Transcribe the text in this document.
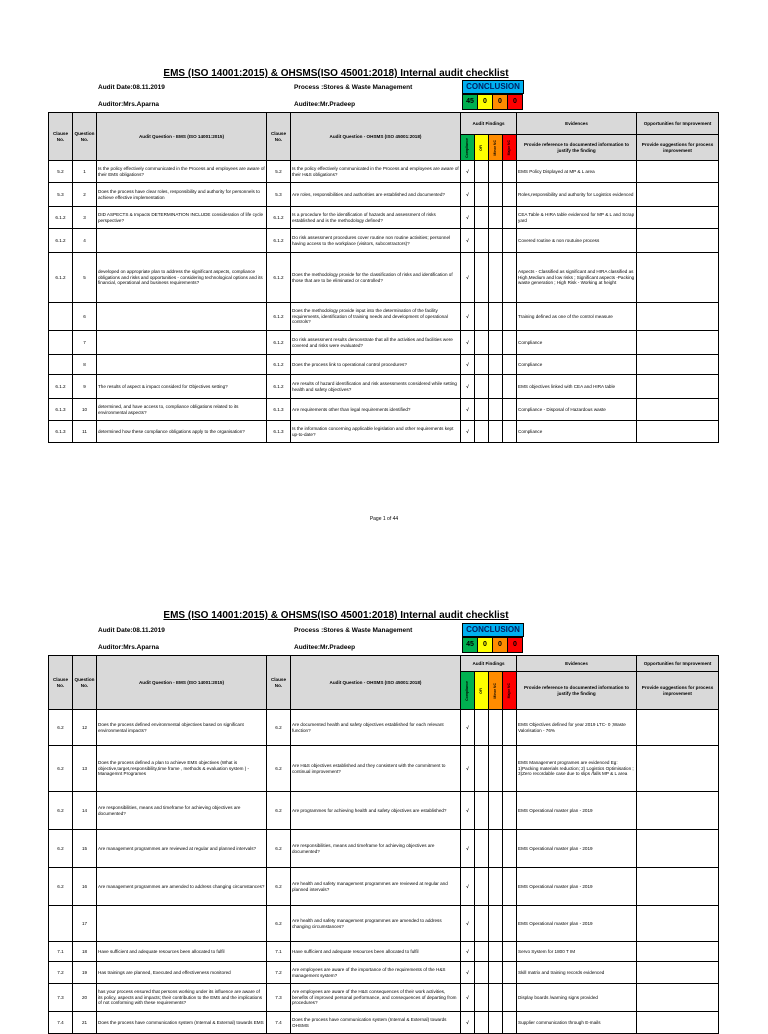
EMS (ISO 14001:2015) & OHSMS(ISO 45001:2018) Internal audit checklist
Audit Date:08.11.2019	Process :Stores & Waste Management
Auditor:Mrs.Aparna	Auditee:Mr.Pradeep
CONCLUSION
45	0	0	0
Clause No.	Question No.	Audit Question - EMS (ISO 14001:2015)	Clause No.	Audit Question - OHSMS (ISO 45001:2018)	Audit Findings				Evidences	Opportunities for Improvement

					Compliance	OFI	Minor NC	Major NC	Provide reference to documented information to justify the finding	Provide suggestions for process improvement
5.2	1	Is the policy effectively communicated in the Process and employees are aware of their EMS obligations?	5.2	Is the policy effectively communicated in the Process and employees are aware of their H&S obligations?	√				EMS Policy Displayed at MP & L area	
5.3	2	Does the process have clear roles, responsibility and authority for personnels to achieve effective implementation	5.3	Are roles, responsibilities and authorities are established and documented?	√				Roles,responsibility and authority for Logistics evidenced	
6.1.2	3	DID ASPECTS & Impacts DETERMINATION INCLUDE consideration of life cycle perspective?	6.1.2	Is a procedure for the identification of hazards and assessment of risks established and is the methodology defined?	√				CEA Table & HIRA table evidenced for MP & L and Scrap yard	
6.1.2	4		6.1.2	Do risk assessment procedures cover routine non routine activities; personnel having access to the workplace (visitors, subcontractors)?	√				Covered routine & non routuine process	
6.1.2	5	developed on appropriate plan to address the significant aspects, compliance obligations and risks and opportunities - considering technological options and its financial, operational and business requirements?	6.1.2	Does the methodology provide for the classification of risks and identification of those that are to be eliminated or controlled?	√				Aspects - Classified as significant and HIRA classified as High,Medium and low risks ; Significant aspects -Packing waste generation ; High Risk - Working at height	
	6		6.1.2	Does the methodology provide input into the determination of the facility requirements, identification of training needs and development of operational controls?	√				Training defined as one of the control measure	
	7		6.1.2	Do risk assessment results demonstrate that all the activities and facilities were covered and risks were evaluated?	√				Compliance	
	8		6.1.2	Does the process link to operational control procedures?	√				Compliance	
6.1.2	9	The results of aspect & impact considerd for Objectives setting?	6.1.2	Are results of hazard identification and risk assessments considered while setting health and safety objectives?	√				EMS objectives linked with CEA and HIRA table	
6.1.3	10	determined, and have access to, compliance obligations related to its environmental aspects?	6.1.3	Are requirements other than legal requirements identified?	√				Compliance - Disposal of Hazardous waste	
6.1.3	11	determined how these compliance obligations apply to the organisation?	6.1.3	Is the information concerning applicable legislation and other requirements kept up-to-date?	√				Compliance	
Page 1 of 44
EMS (ISO 14001:2015) & OHSMS(ISO 45001:2018) Internal audit checklist
Audit Date:08.11.2019	Process :Stores & Waste Management
Auditor:Mrs.Aparna	Auditee:Mr.Pradeep
CONCLUSION
45	0	0	0
Clause No.	Question No.	Audit Question - EMS (ISO 14001:2015)	Clause No.	Audit Question - OHSMS (ISO 45001:2018)	Audit Findings				Evidences	Opportunities for Improvement

					Compliance	OFI	Minor NC	Major NC	Provide reference to documented information to justify the finding	Provide suggestions for process improvement
6.2	12	Does the process defined environmental objectives based on significant environmental impacts?	6.2	Are documented health and safety objectives established for each relevant function?	√				EMS Objectives defined for year 2019 LTC- 0 ;Waste Valorisation - 76%	
6.2	13	Does the process defined a plan to achieve EMS objectives (What is objective,target,responsibility,time frame , methods & evaluation system ) - Managemnt Programes	6.2	Are H&S objectives established and they consistent with the commitment to continual improvement?	√				EMS Management programes are evidenced Eg: 1)Packing materials reduction; 2) Logistics Optimisation ; 3)Zero recordable case due to slips /falls MP & L area	
6.2	14	Are responsibilities, means and timeframe for achieving objectives are documented?	6.2	Are programmes for achieving health and safety objectives are established?	√				EMS Operational master plan - 2019	
6.2	15	Are management programmes are reviewed at regular and planned intervals?	6.2	Are responsibilities, means and timeframe for achieving objectives are documented?	√				EMS Operational master plan - 2019	
6.2	16	Are management programmes are amended to address changing circumstances?	6.2	Are health and safety management programmes are reviewed at regular and planned intervals?	√				EMS Operational master plan - 2019	
	17		6.2	Are health and safety management programmes are amended to address changing circumstances?	√				EMS Operational master plan - 2019	
7.1	18	Have sufficient and adequate resources been allocated to fulfil	7.1	Have sufficient and adequate resources been allocated to fulfil	√				Servo System for 1800 T IM	
7.2	19	Has trainings are planned, Executed and effectiveness monitored	7.2	Are employees are aware of the importance of the requirements of the H&S management system?	√				Skill matrix and training records evidenced	
7.3	20	has your process ensured that persons working under its influence are aware of its policy, aspects and impacts; their contribution to the EMS and the implications of not conforming with these requirements?	7.3	Are employees are aware of the H&S consequences of their work activities, benefits of improved personal performance, and consequences of departing from procedures?	√				Display boards /warning signs provided	
7.4	21	Does the process have communication system (Internal & External) towards EMS	7.4	Does the process have communication system (Internal & External) towards OHSMS	√				Supplier communication through E-mails	
